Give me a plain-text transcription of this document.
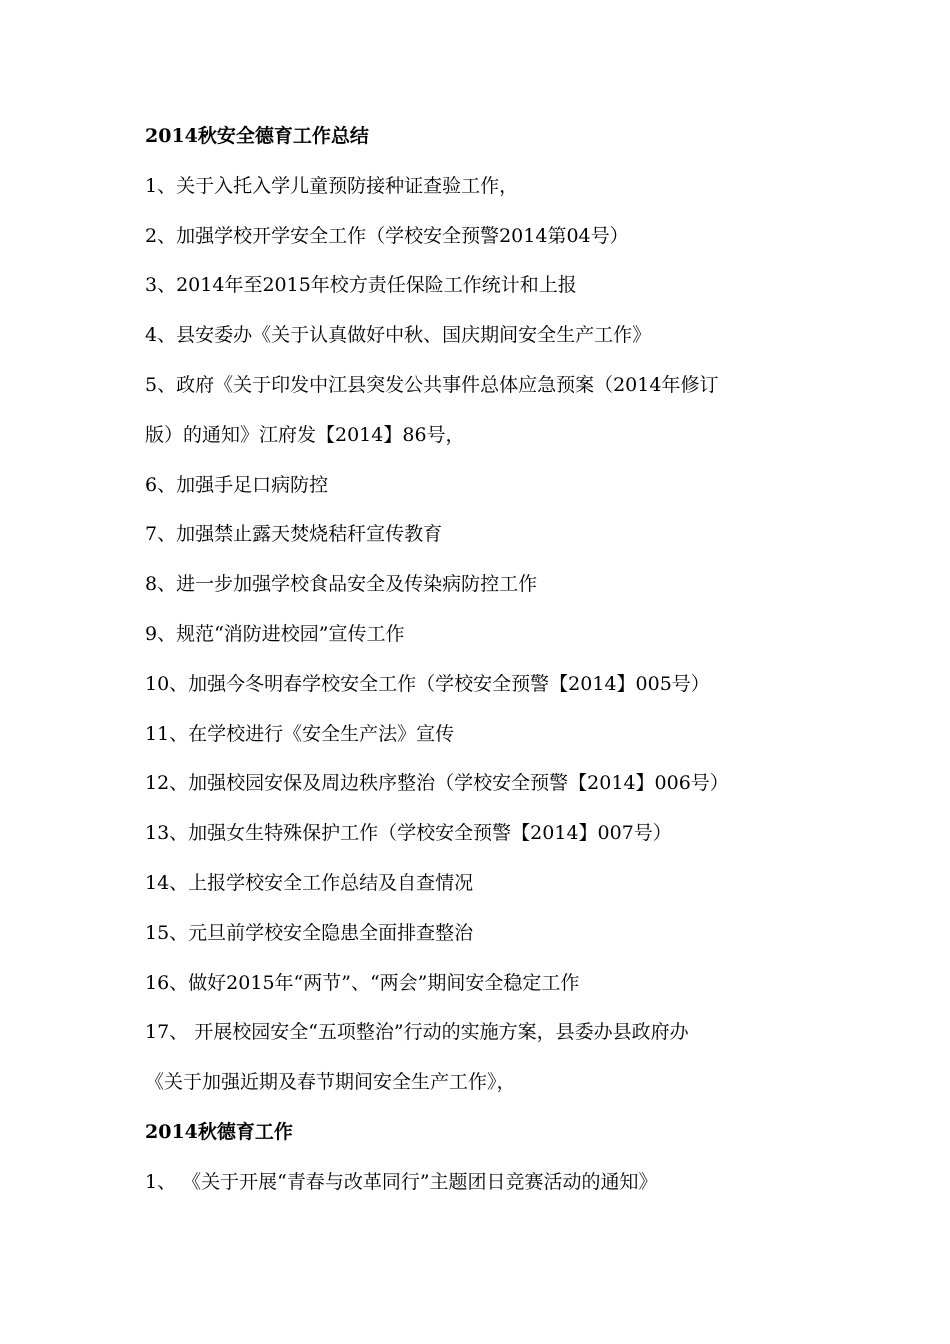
2014秋安全德育工作总结
1、关于入托入学儿童预防接种证查验工作，
2、加强学校开学安全工作（学校安全预警2014第04号）
3、2014年至2015年校方责任保险工作统计和上报
4、县安委办《关于认真做好中秋、国庆期间安全生产工作》
5、政府《关于印发中江县突发公共事件总体应急预案（2014年修订
版）的通知》江府发【2014】86号，
6、加强手足口病防控
7、加强禁止露天焚烧秸秆宣传教育
8、进一步加强学校食品安全及传染病防控工作
9、规范“消防进校园”宣传工作
10、加强今冬明春学校安全工作（学校安全预警【2014】005号）
11、在学校进行《安全生产法》宣传
12、加强校园安保及周边秩序整治（学校安全预警【2014】006号）
13、加强女生特殊保护工作（学校安全预警【2014】007号）
14、上报学校安全工作总结及自查情况
15、元旦前学校安全隐患全面排查整治
16、做好2015年“两节”、“两会”期间安全稳定工作
17、 开展校园安全“五项整治”行动的实施方案，县委办县政府办
《关于加强近期及春节期间安全生产工作》，
2014秋德育工作
1、 《关于开展“青春与改革同行”主题团日竞赛活动的通知》
